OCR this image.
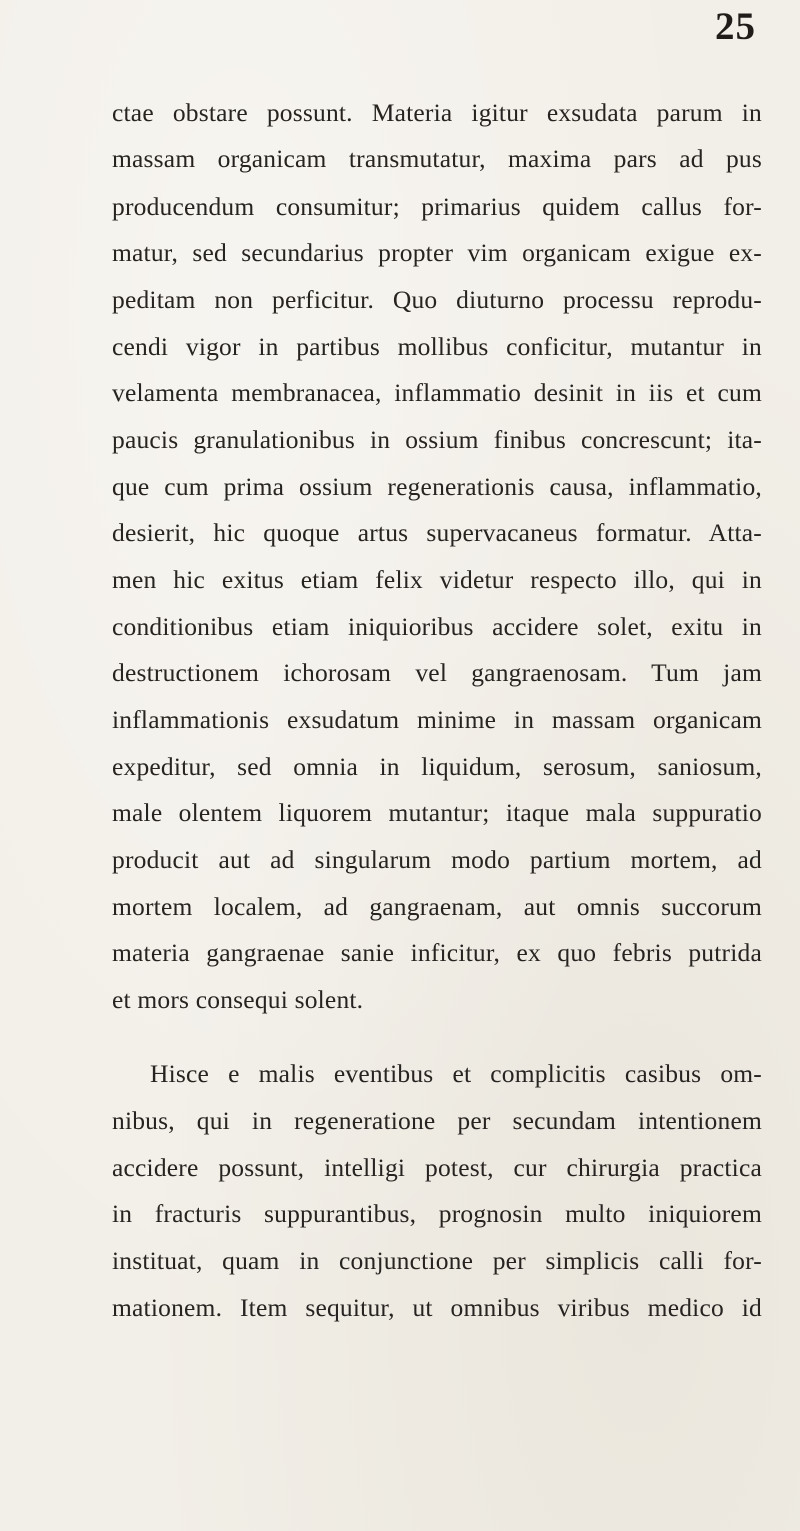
25
ctae obstare possunt. Materia igitur exsudata parum in
massam organicam transmutatur, maxima pars ad pus
producendum consumitur; primarius quidem callus for-
matur, sed secundarius propter vim organicam exigue ex-
peditam non perficitur. Quo diuturno processu reprodu-
cendi vigor in partibus mollibus conficitur, mutantur in
velamenta membranacea, inflammatio desinit in iis et cum
paucis granulationibus in ossium finibus concrescunt; ita-
que cum prima ossium regenerationis causa, inflammatio,
desierit, hic quoque artus supervacaneus formatur. Atta-
men hic exitus etiam felix videtur respecto illo, qui in
conditionibus etiam iniquioribus accidere solet, exitu in
destructionem ichorosam vel gangraenosam. Tum jam
inflammationis exsudatum minime in massam organicam
expeditur, sed omnia in liquidum, serosum, saniosum,
male olentem liquorem mutantur; itaque mala suppuratio
producit aut ad singularum modo partium mortem, ad
mortem localem, ad gangraenam, aut omnis succorum
materia gangraenae sanie inficitur, ex quo febris putrida
et mors consequi solent.
Hisce e malis eventibus et complicitis casibus om-
nibus, qui in regeneratione per secundam intentionem
accidere possunt, intelligi potest, cur chirurgia practica
in fracturis suppurantibus, prognosin multo iniquiorem
instituat, quam in conjunctione per simplicis calli for-
mationem. Item sequitur, ut omnibus viribus medico id
